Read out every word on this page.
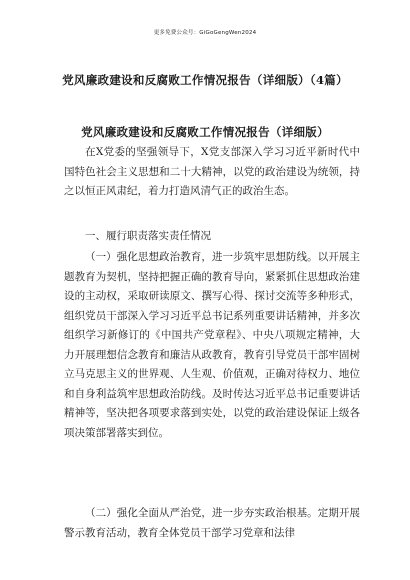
更多免费公众号：GiGoGengWen2024
党风廉政建设和反腐败工作情况报告（详细版）（4篇）
党风廉政建设和反腐败工作情况报告（详细版）

在X党委的坚强领导下，X党支部深入学习习近平新时代中国特色社会主义思想和二十大精神，以党的政治建设为统领，持之以恒正风肃纪，着力打造风清气正的政治生态。

一、履行职责落实责任情况

（一）强化思想政治教育，进一步筑牢思想防线。以开展主题教育为契机，坚持把握正确的教育导向，紧紧抓住思想政治建设的主动权，采取研读原文、撰写心得、探讨交流等多种形式，组织党员干部深入学习习近平总书记系列重要讲话精神，并多次组织学习新修订的《中国共产党章程》、中央八项规定精神，大力开展理想信念教育和廉洁从政教育，教育引导党员干部牢固树立马克思主义的世界观、人生观、价值观，正确对待权力、地位和自身利益筑牢思想政治防线。及时传达习近平总书记重要讲话精神等，坚决把各项要求落到实处，以党的政治建设保证上级各项决策部署落实到位。

（二）强化全面从严治党，进一步夯实政治根基。定期开展警示教育活动，教育全体党员干部学习党章和法律
